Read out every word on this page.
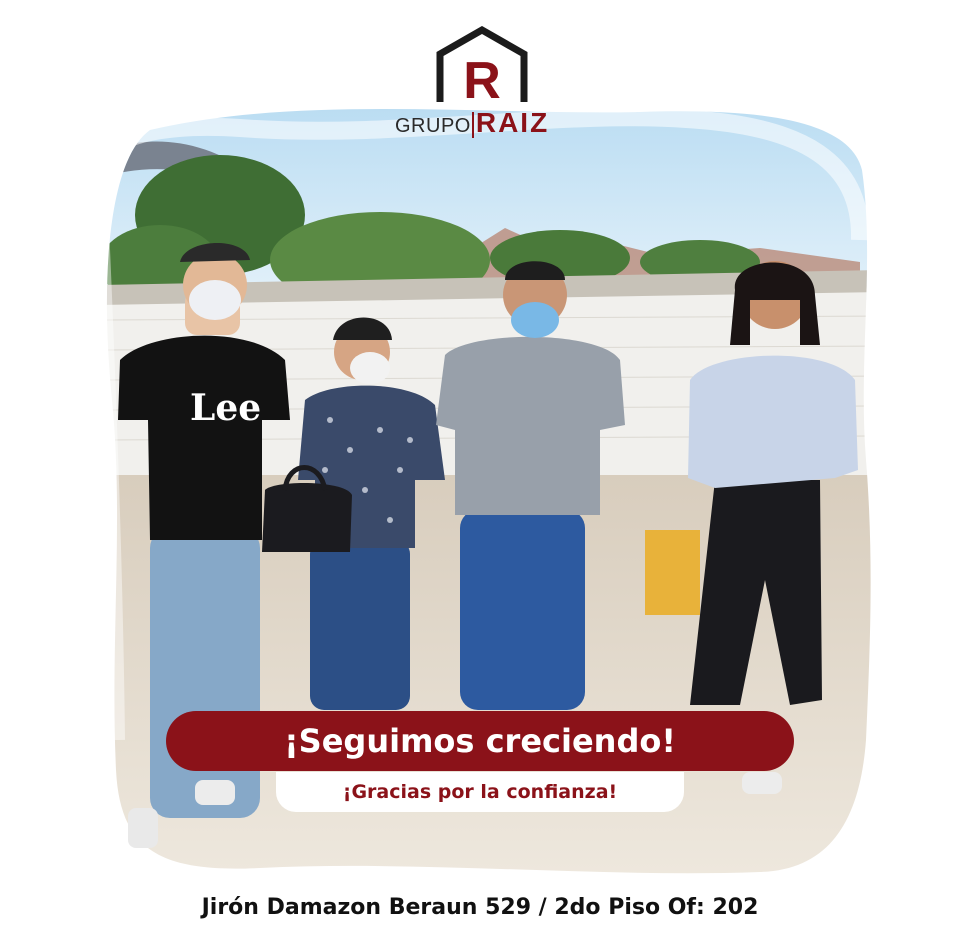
Lee
R
GRUPO RAIZ
¡Seguimos creciendo!
¡Gracias por la confianza!
Jirón Damazon Beraun 529 / 2do Piso Of: 202
